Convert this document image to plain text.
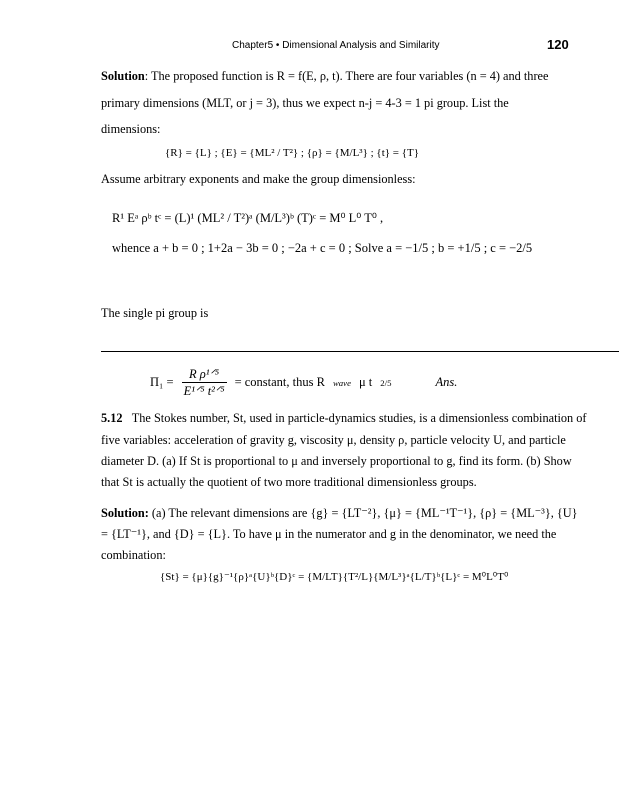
Chapter5 • Dimensional Analysis and Similarity	120
Solution: The proposed function is R = f(E, ρ, t). There are four variables (n = 4) and three
primary dimensions (MLT, or j = 3), thus we expect n-j = 4-3 = 1 pi group. List the
dimensions:
{R} = {L} ; {E} = {ML² / T²} ; {ρ} = {M/L³} ; {t} = {T}
Assume arbitrary exponents and make the group dimensionless:
R¹ Eᵃ ρᵇ tᶜ = (L)¹ (ML² / T²)ᵃ (M/L³)ᵇ (T)ᶜ = M⁰ L⁰ T⁰ ,
whence a + b = 0 ; 1+2a − 3b = 0 ; −2a + c = 0 ; Solve a = −1/5 ; b = +1/5 ; c = −2/5
The single pi group is
$\Pi_1 = \frac{\text{R ρ¹ᐟ⁵}}{\text{E¹ᐟ⁵ t²ᐟ⁵}}$ = constant, thus R wave μ t 2/5	Ans.
5.12 The Stokes number, St, used in particle-dynamics studies, is a dimensionless combination of
five variables: acceleration of gravity g, viscosity μ, density ρ, particle velocity U, and particle
diameter D. (a) If St is proportional to μ and inversely proportional to g, find its form. (b) Show
that St is actually the quotient of two more traditional dimensionless groups.
Solution: (a) The relevant dimensions are {g} = {LT⁻²}, {μ} = {ML⁻¹T⁻¹}, {ρ} = {ML⁻³}, {U}
= {LT⁻¹}, and {D} = {L}. To have μ in the numerator and g in the denominator, we need the
combination:
{St} = {μ}{g}⁻¹{ρ}ᵃ{U}ᵇ{D}ᶜ = {M/LT}{T²/L}{M/L³}ᵃ{L/T}ᵇ{L}ᶜ = M⁰L⁰T⁰
